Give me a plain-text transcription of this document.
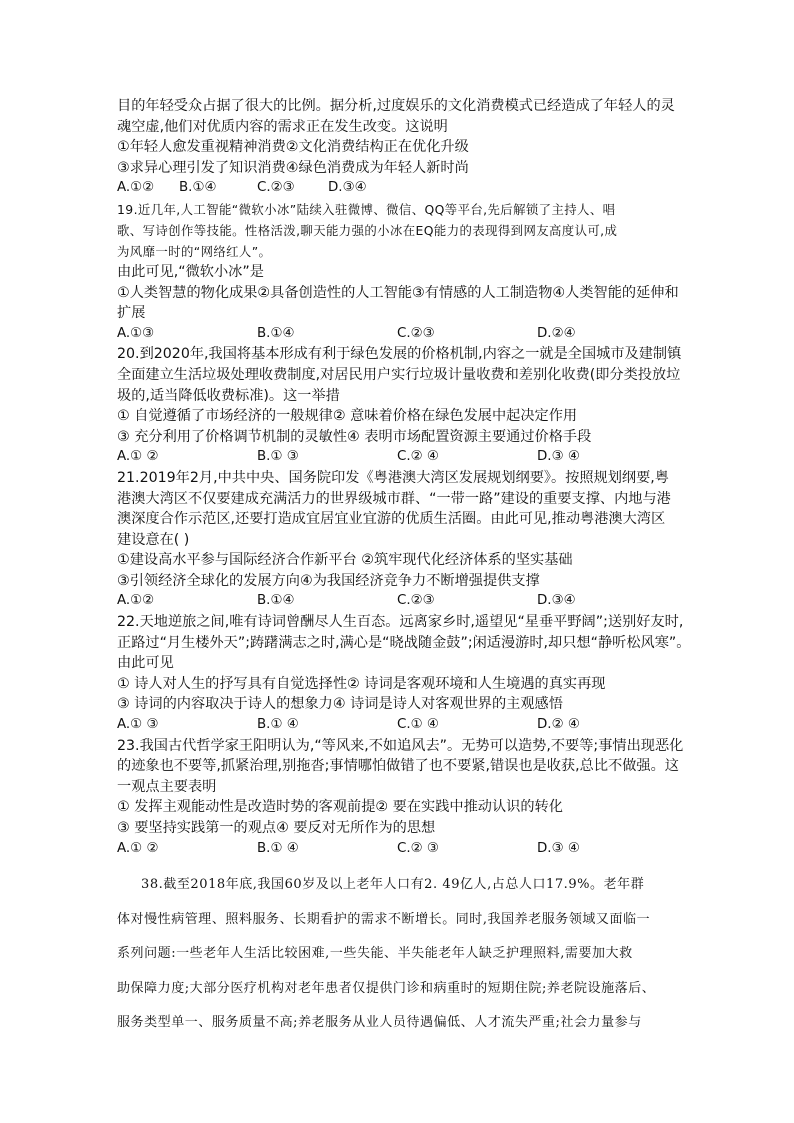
目的年轻受众占据了很大的比例。据分析,过度娱乐的文化消费模式已经造成了年轻人的灵
魂空虚,他们对优质内容的需求正在发生改变。这说明
①年轻人愈发重视精神消费②文化消费结构正在优化升级
③求异心理引发了知识消费④绿色消费成为年轻人新时尚
A.①② B.①④	C.②③ D.③④
19.近几年,人工智能“微软小冰”陆续入驻微博、微信、QQ等平台,先后解锁了主持人、唱
歌、写诗创作等技能。性格活泼,聊天能力强的小冰在EQ能力的表现得到网友高度认可,成
为风靡一时的“网络红人”。
由此可见,“微软小冰”是
①人类智慧的物化成果②具备创造性的人工智能③有情感的人工制造物④人类智能的延伸和
扩展
A.①③	B.①④	C.②③	D.②④
20.到2020年,我国将基本形成有利于绿色发展的价格机制,内容之一就是全国城市及建制镇
全面建立生活垃圾处理收费制度,对居民用户实行垃圾计量收费和差别化收费(即分类投放垃
圾的,适当降低收费标准)。这一举措
① 自觉遵循了市场经济的一般规律② 意味着价格在绿色发展中起决定作用
③ 充分利用了价格调节机制的灵敏性④ 表明市场配置资源主要通过价格手段
A.① ②	B.① ③	C.② ④	D.③ ④
21.2019年2月,中共中央、国务院印发《粤港澳大湾区发展规划纲要》。按照规划纲要,粤
港澳大湾区不仅要建成充满活力的世界级城市群、“一带一路”建设的重要支撑、内地与港
澳深度合作示范区,还要打造成宜居宜业宜游的优质生活圈。由此可见,推动粤港澳大湾区
建设意在( )
①建设高水平参与国际经济合作新平台 ②筑牢现代化经济体系的坚实基础
③引领经济全球化的发展方向④为我国经济竞争力不断增强提供支撑
A.①②	B.①④	C.②③	D.③④
22.天地逆旅之间,唯有诗词曾酬尽人生百态。远离家乡时,遥望见“星垂平野阔”;送别好友时,
正路过“月生楼外天”;踌躇满志之时,满心是“晓战随金鼓”;闲适漫游时,却只想“静听松风寒”。
由此可见
① 诗人对人生的抒写具有自觉选择性② 诗词是客观环境和人生境遇的真实再现
③ 诗词的内容取决于诗人的想象力④ 诗词是诗人对客观世界的主观感悟
A.① ③	B.① ④	C.① ④	D.② ④
23.我国古代哲学家王阳明认为,“等风来,不如追风去”。无势可以造势,不要等;事情出现恶化
的迹象也不要等,抓紧治理,别拖沓;事情哪怕做错了也不要紧,错误也是收获,总比不做强。这
一观点主要表明
① 发挥主观能动性是改造时势的客观前提② 要在实践中推动认识的转化
③ 要坚持实践第一的观点④ 要反对无所作为的思想
A.① ②	B.① ④	C.② ③	D.③ ④
38.截至2018年底,我国60岁及以上老年人口有2. 49亿人,占总人口17.9%。老年群
体对慢性病管理、照料服务、长期看护的需求不断增长。同时,我国养老服务领域又面临一
系列问题:一些老年人生活比较困难,一些失能、半失能老年人缺乏护理照料,需要加大救
助保障力度;大部分医疗机构对老年患者仅提供门诊和病重时的短期住院;养老院设施落后、
服务类型单一、服务质量不高;养老服务从业人员待遇偏低、人才流失严重;社会力量参与
